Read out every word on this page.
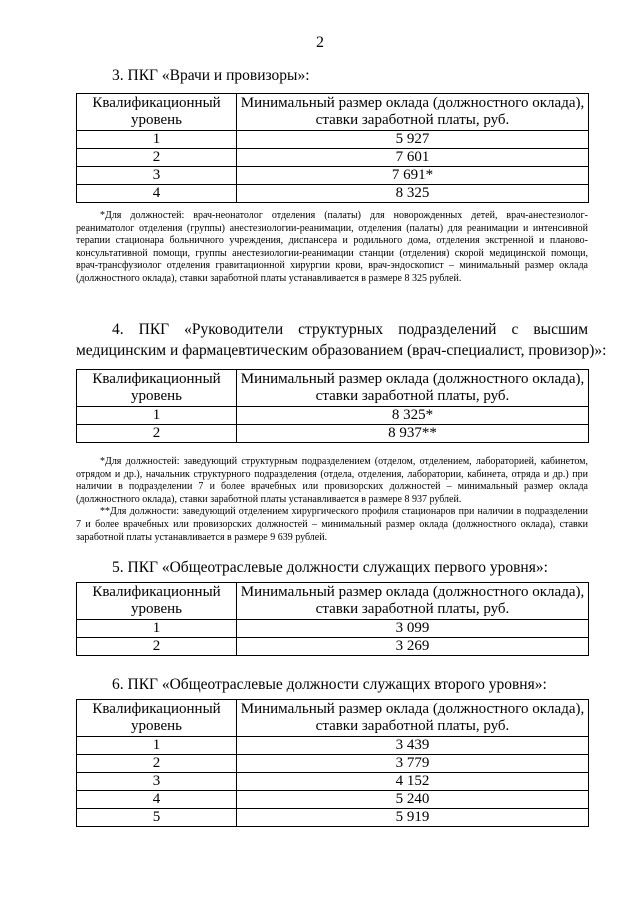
2
3. ПКГ «Врачи и провизоры»:
Квалификационный
уровень	Минимальный размер оклада (должностного оклада),
ставки заработной платы, руб.
1	5 927
2	7 601
3	7 691*
4	8 325

*Для должностей: врач-неонатолог отделения (палаты) для новорожденных детей, врач-анестезиолог-реаниматолог отделения (группы) анестезиологии-реанимации, отделения (палаты) для реанимации и интенсивной терапии стационара больничного учреждения, диспансера и родильного дома, отделения экстренной и планово-консультативной помощи, группы анестезиологии-реанимации станции (отделения) скорой медицинской помощи, врач-трансфузиолог отделения гравитационной хирургии крови, врач-эндоскопист – минимальный размер оклада (должностного оклада), ставки заработной платы устанавливается в размере 8 325 рублей.

4. ПКГ «Руководители структурных подразделений с высшим
медицинским и фармацевтическим образованием (врач-специалист, провизор)»:
Квалификационный
уровень	Минимальный размер оклада (должностного оклада),
ставки заработной платы, руб.
1	8 325*
2	8 937**

*Для должностей: заведующий структурным подразделением (отделом, отделением, лабораторией, кабинетом, отрядом и др.), начальник структурного подразделения (отдела, отделения, лаборатории, кабинета, отряда и др.) при наличии в подразделении 7 и более врачебных или провизорских должностей – минимальный размер оклада (должностного оклада), ставки заработной платы устанавливается в размере 8 937 рублей.

**Для должности: заведующий отделением хирургического профиля стационаров при наличии в подразделении 7 и более врачебных или провизорских должностей – минимальный размер оклада (должностного оклада), ставки заработной платы устанавливается в размере 9 639 рублей.

5. ПКГ «Общеотраслевые должности служащих первого уровня»:
Квалификационный
уровень	Минимальный размер оклада (должностного оклада),
ставки заработной платы, руб.
1	3 099
2	3 269
6. ПКГ «Общеотраслевые должности служащих второго уровня»:
Квалификационный
уровень	Минимальный размер оклада (должностного оклада),
ставки заработной платы, руб.
1	3 439
2	3 779
3	4 152
4	5 240
5	5 919
